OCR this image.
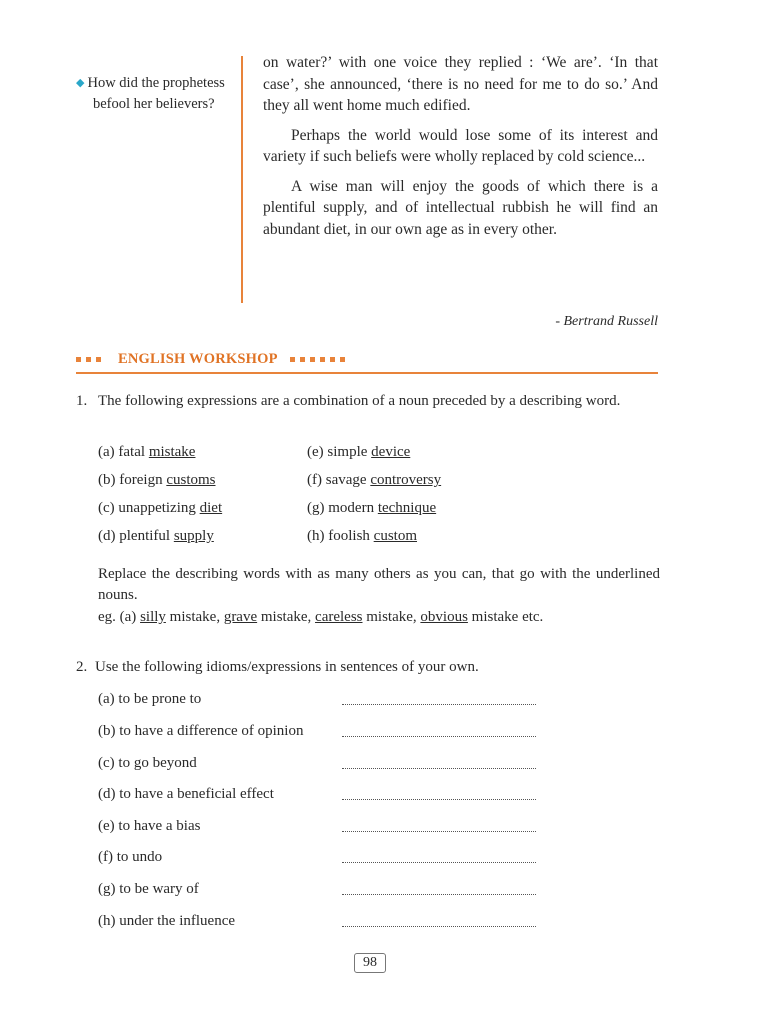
◆ How did the prophetess
befool her believers?

on water?’ with one voice they replied : ‘We are’. ‘In that case’, she announced, ‘there is no need for me to do so.’ And they all went home much edified.

Perhaps the world would lose some of its interest and variety if such beliefs were wholly replaced by cold science...

A wise man will enjoy the goods of which there is a plentiful supply, and of intellectual rubbish he will find an abundant diet, in our own age as in every other.

- Bertrand Russell
ENGLISH WORKSHOP
1. The following expressions are a combination of a noun preceded by a describing word.
(a) fatal mistake
(b) foreign customs
(c) unappetizing diet
(d) plentiful supply
(e) simple device
(f) savage controversy
(g) modern technique
(h) foolish custom
Replace the describing words with as many others as you can, that go with the underlined nouns.
eg. (a) silly mistake, grave mistake, careless mistake, obvious mistake etc.
2. Use the following idioms/expressions in sentences of your own.
(a) to be prone to
(b) to have a difference of opinion
(c) to go beyond
(d) to have a beneficial effect
(e) to have a bias
(f) to undo
(g) to be wary of
(h) under the influence
98
